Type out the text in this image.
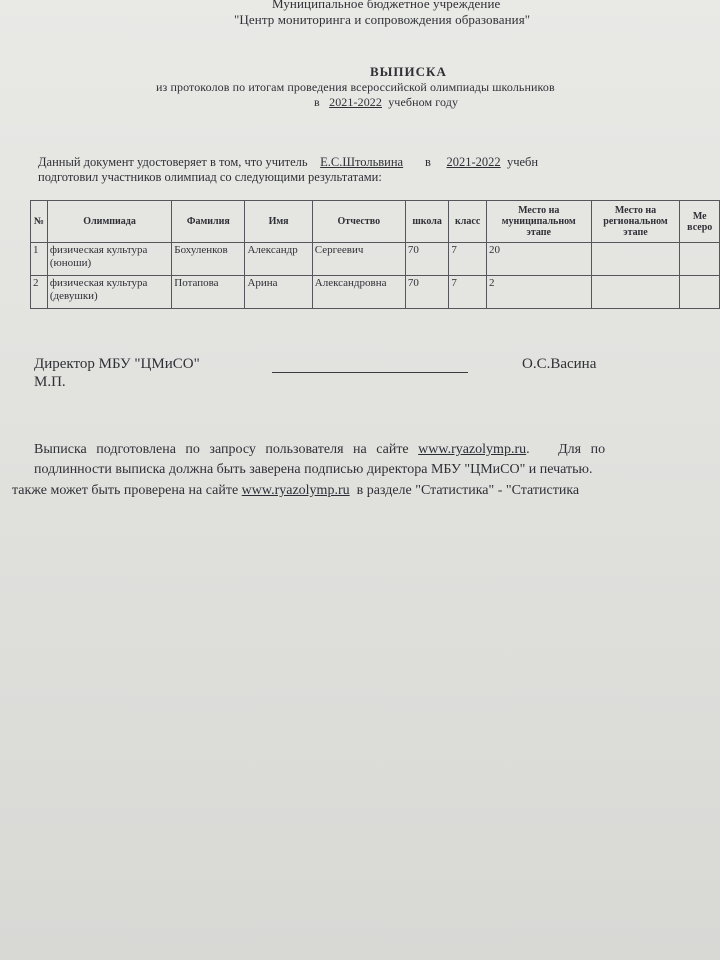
Муниципальное бюджетное учреждение
"Центр мониторинга и сопровождения образования"
ВЫПИСКА
из протоколов по итогам проведения всероссийской олимпиады школьников
в 2021-2022 учебном году
Данный документ удостоверяет в том, что учитель Е.С.Штольвина в 2021-2022 учебн
подготовил участников олимпиад со следующими результатами:
№	Олимпиада	Фамилия	Имя	Отчество	школа	класс	Место на муниципальном этапе	Место на региональном этапе	Ме всеро
1	физическая культура (юноши)	Бохуленков	Александр	Сергеевич	70	7	20		
2	физическая культура (девушки)	Потапова	Арина	Александровна	70	7	2		
Директор МБУ "ЦМиСО"	О.С.Васина
М.П.
Выписка подготовлена по запросу пользователя на сайте www.ryazolymp.ru. Для по
подлинности выписка должна быть заверена подписью директора МБУ "ЦМиСО" и печатью.
также может быть проверена на сайте www.ryazolymp.ru в разделе "Статистика" - "Статистика
